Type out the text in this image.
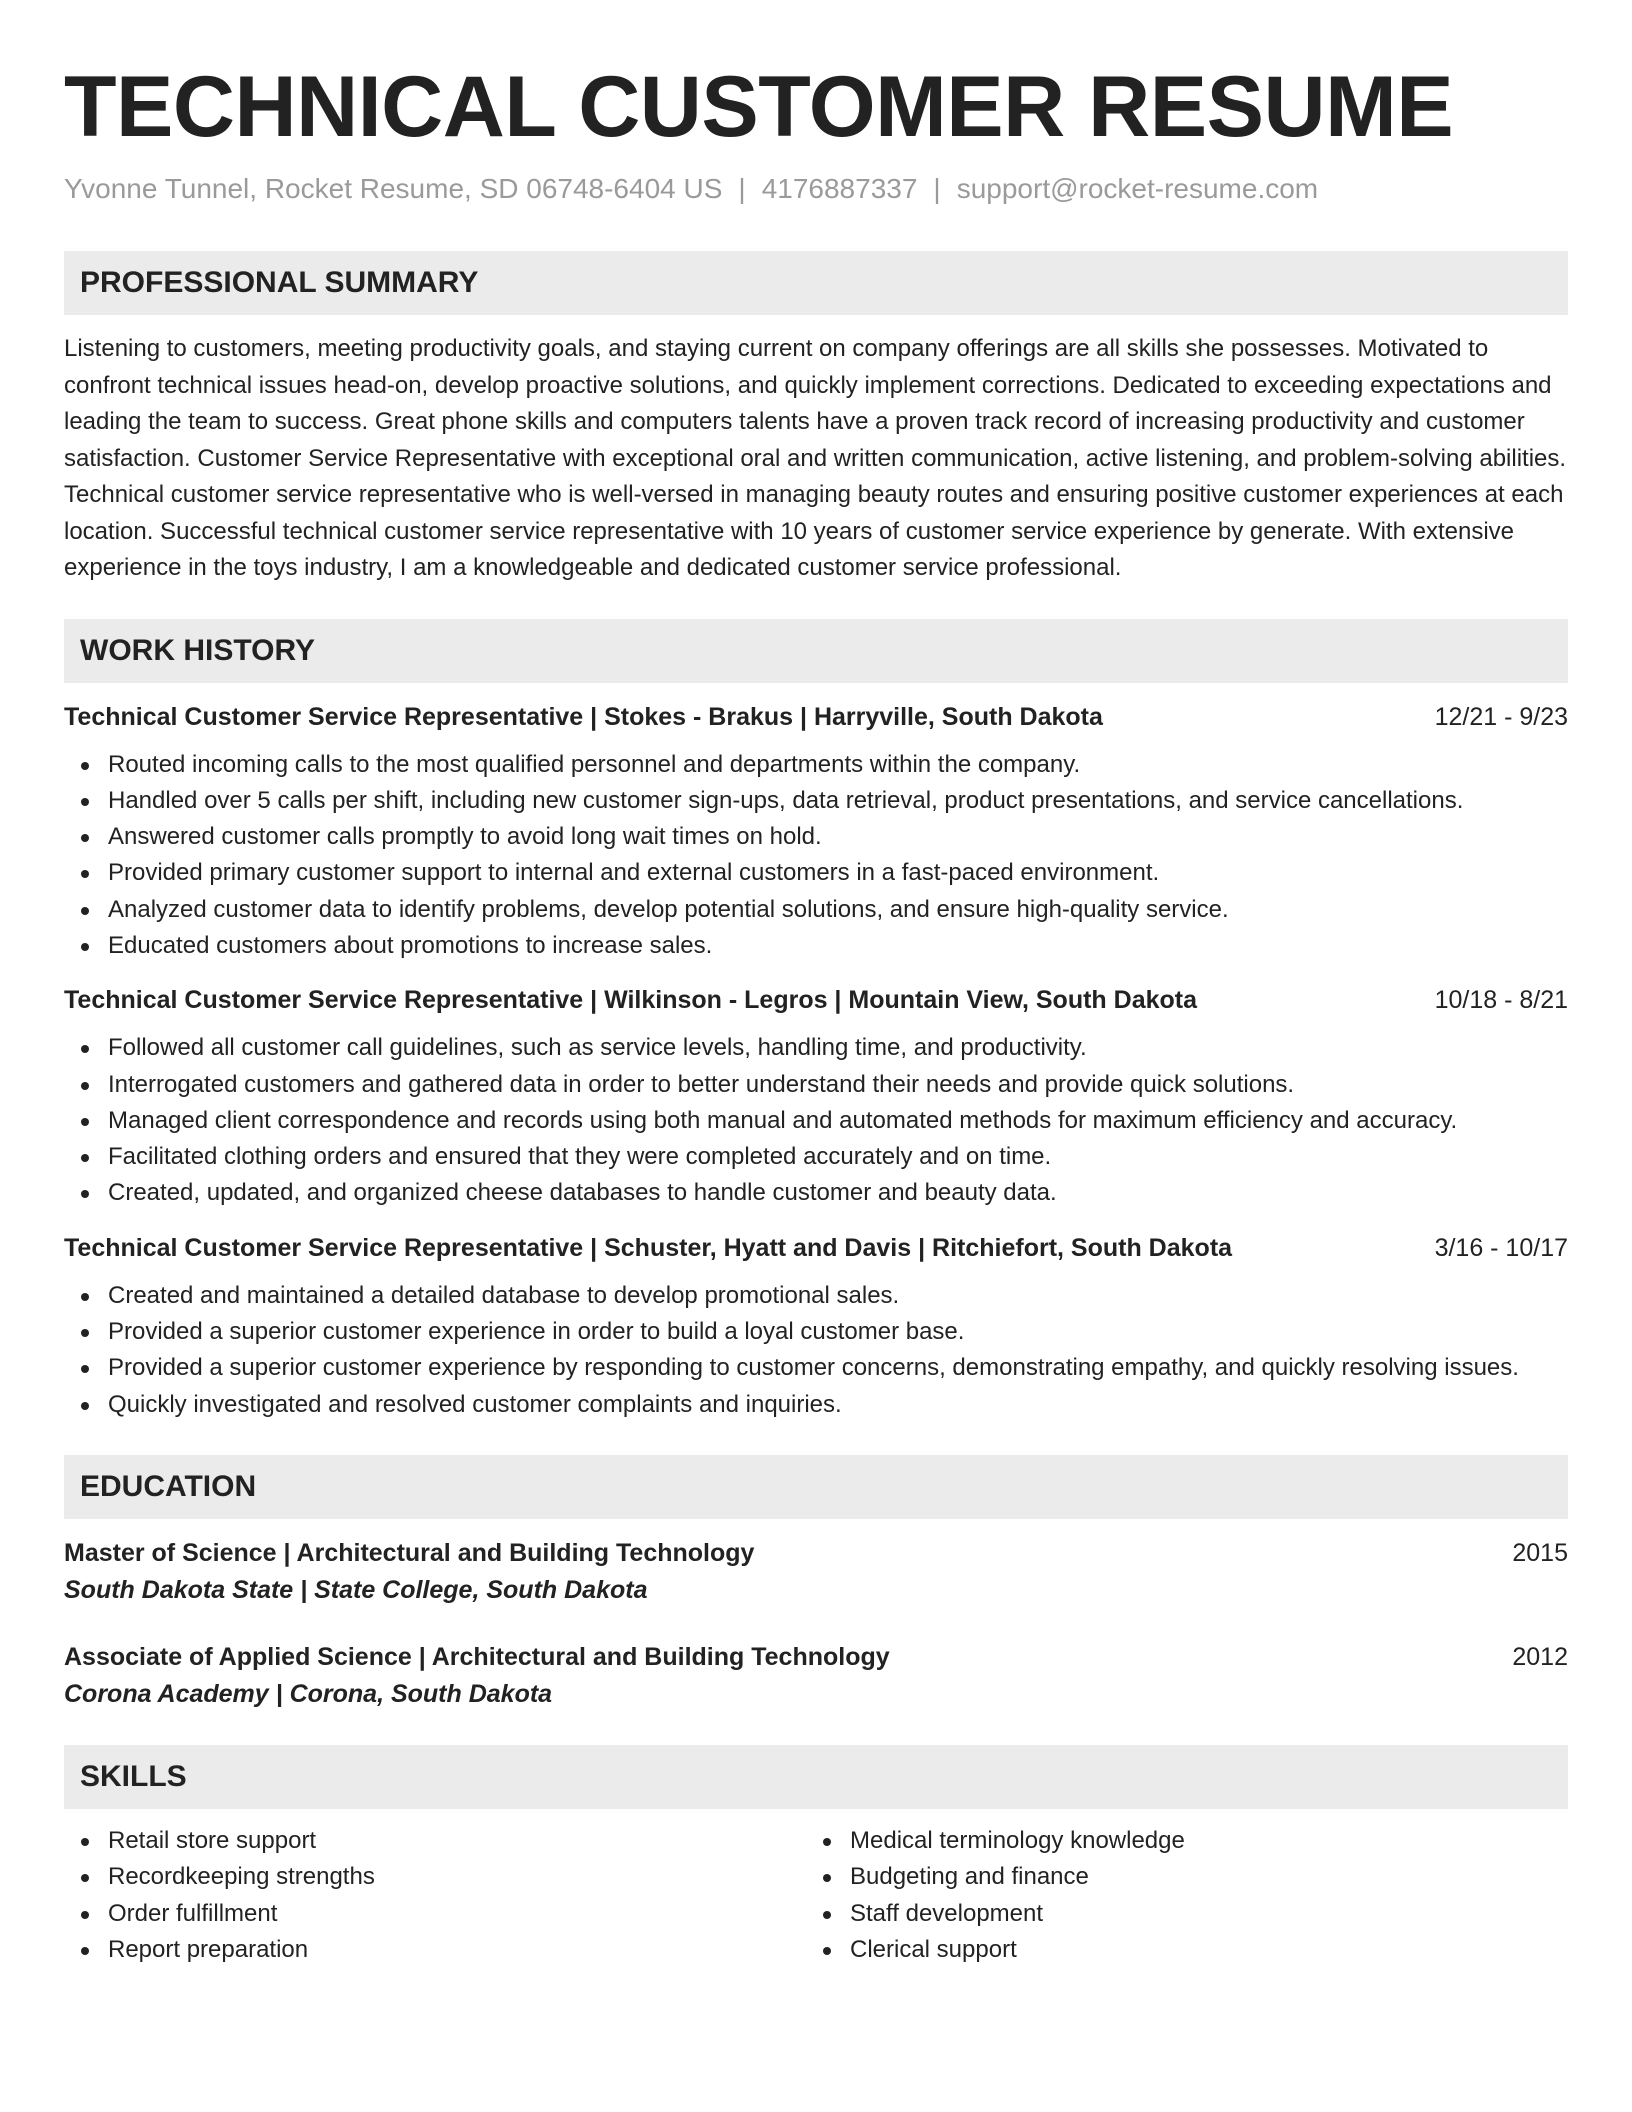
TECHNICAL CUSTOMER RESUME
Yvonne Tunnel, Rocket Resume, SD 06748-6404 US | 4176887337 | support@rocket-resume.com
PROFESSIONAL SUMMARY
Listening to customers, meeting productivity goals, and staying current on company offerings are all skills she possesses. Motivated to confront technical issues head-on, develop proactive solutions, and quickly implement corrections. Dedicated to exceeding expectations and leading the team to success. Great phone skills and computers talents have a proven track record of increasing productivity and customer satisfaction. Customer Service Representative with exceptional oral and written communication, active listening, and problem-solving abilities. Technical customer service representative who is well-versed in managing beauty routes and ensuring positive customer experiences at each location. Successful technical customer service representative with 10 years of customer service experience by generate. With extensive experience in the toys industry, I am a knowledgeable and dedicated customer service professional.
WORK HISTORY
Technical Customer Service Representative | Stokes - Brakus | Harryville, South Dakota	12/21 - 9/23
Routed incoming calls to the most qualified personnel and departments within the company.
Handled over 5 calls per shift, including new customer sign-ups, data retrieval, product presentations, and service cancellations.
Answered customer calls promptly to avoid long wait times on hold.
Provided primary customer support to internal and external customers in a fast-paced environment.
Analyzed customer data to identify problems, develop potential solutions, and ensure high-quality service.
Educated customers about promotions to increase sales.
Technical Customer Service Representative | Wilkinson - Legros | Mountain View, South Dakota	10/18 - 8/21
Followed all customer call guidelines, such as service levels, handling time, and productivity.
Interrogated customers and gathered data in order to better understand their needs and provide quick solutions.
Managed client correspondence and records using both manual and automated methods for maximum efficiency and accuracy.
Facilitated clothing orders and ensured that they were completed accurately and on time.
Created, updated, and organized cheese databases to handle customer and beauty data.
Technical Customer Service Representative | Schuster, Hyatt and Davis | Ritchiefort, South Dakota	3/16 - 10/17
Created and maintained a detailed database to develop promotional sales.
Provided a superior customer experience in order to build a loyal customer base.
Provided a superior customer experience by responding to customer concerns, demonstrating empathy, and quickly resolving issues.
Quickly investigated and resolved customer complaints and inquiries.
EDUCATION
Master of Science | Architectural and Building Technology	2015
South Dakota State | State College, South Dakota
Associate of Applied Science | Architectural and Building Technology	2012
Corona Academy | Corona, South Dakota
SKILLS
Retail store support
Recordkeeping strengths
Order fulfillment
Report preparation
Medical terminology knowledge
Budgeting and finance
Staff development
Clerical support
